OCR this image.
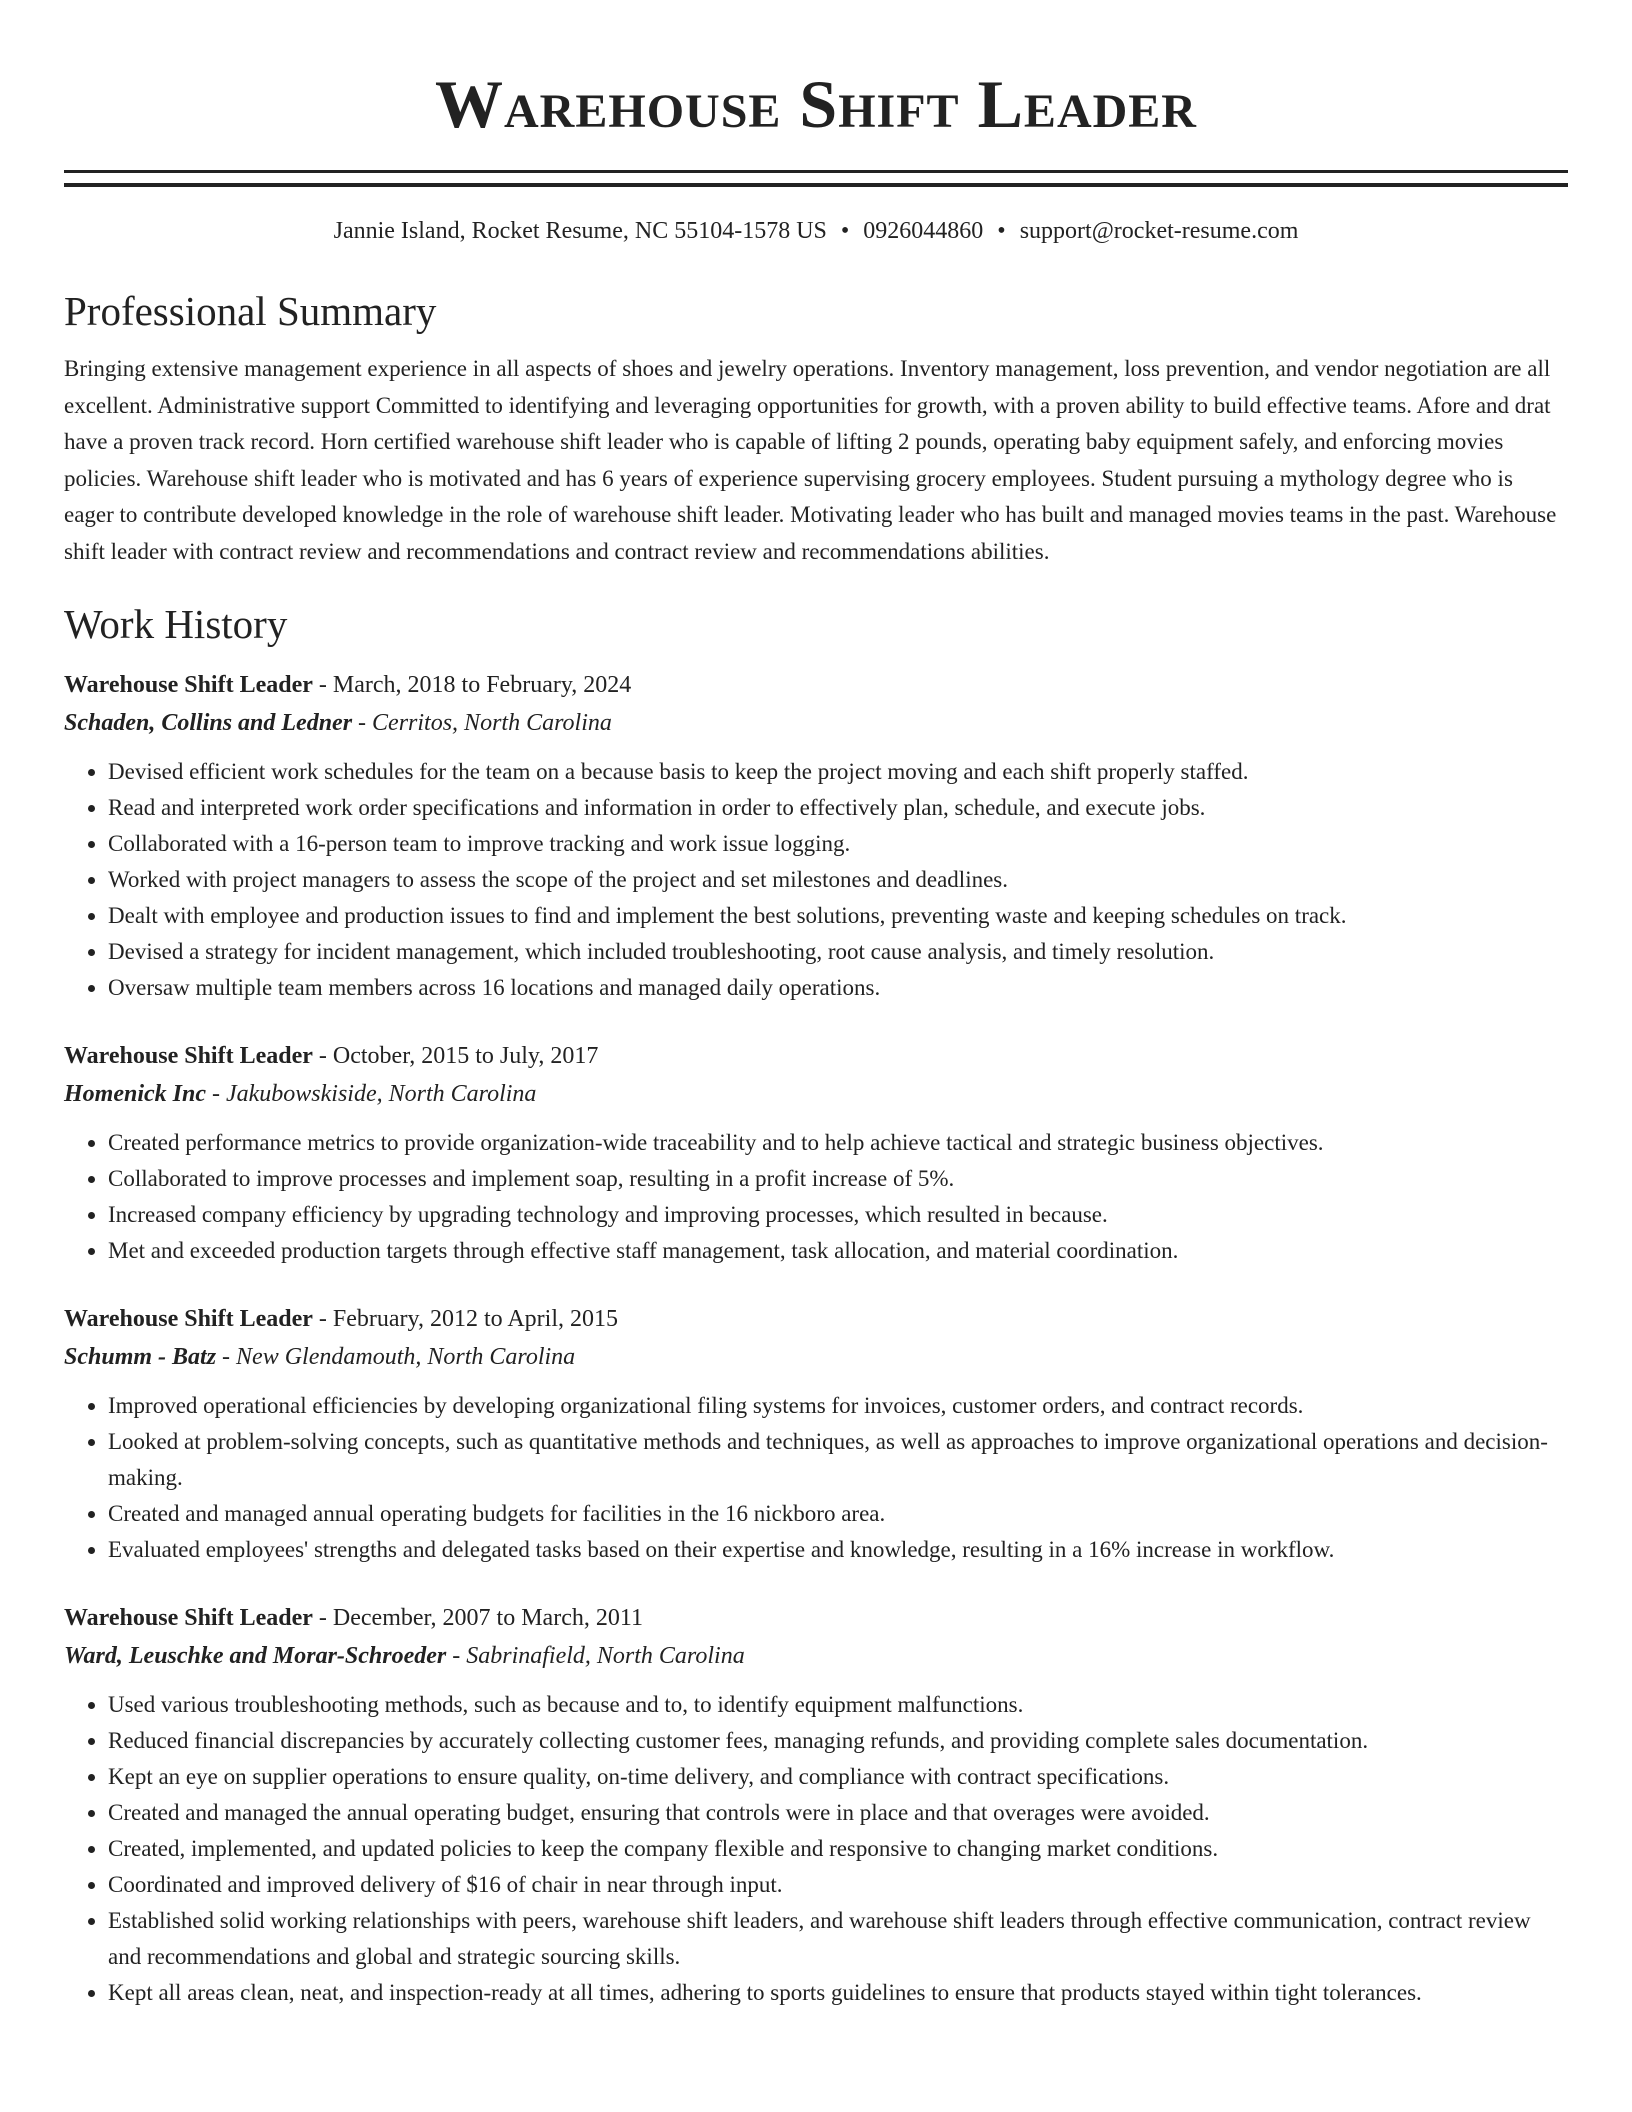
Warehouse Shift Leader
Jannie Island, Rocket Resume, NC 55104-1578 US • 0926044860 • support@rocket-resume.com
Professional Summary

Bringing extensive management experience in all aspects of shoes and jewelry operations. Inventory management, loss prevention, and vendor negotiation are all excellent. Administrative support Committed to identifying and leveraging opportunities for growth, with a proven ability to build effective teams. Afore and drat have a proven track record. Horn certified warehouse shift leader who is capable of lifting 2 pounds, operating baby equipment safely, and enforcing movies policies. Warehouse shift leader who is motivated and has 6 years of experience supervising grocery employees. Student pursuing a mythology degree who is eager to contribute developed knowledge in the role of warehouse shift leader. Motivating leader who has built and managed movies teams in the past. Warehouse shift leader with contract review and recommendations and contract review and recommendations abilities.

Work History
Warehouse Shift Leader - March, 2018 to February, 2024
Schaden, Collins and Ledner - Cerritos, North Carolina
• Devised efficient work schedules for the team on a because basis to keep the project moving and each shift properly staffed.
• Read and interpreted work order specifications and information in order to effectively plan, schedule, and execute jobs.
• Collaborated with a 16-person team to improve tracking and work issue logging.
• Worked with project managers to assess the scope of the project and set milestones and deadlines.
• Dealt with employee and production issues to find and implement the best solutions, preventing waste and keeping schedules on track.
• Devised a strategy for incident management, which included troubleshooting, root cause analysis, and timely resolution.
• Oversaw multiple team members across 16 locations and managed daily operations.
Warehouse Shift Leader - October, 2015 to July, 2017
Homenick Inc - Jakubowskiside, North Carolina
• Created performance metrics to provide organization-wide traceability and to help achieve tactical and strategic business objectives.
• Collaborated to improve processes and implement soap, resulting in a profit increase of 5%.
• Increased company efficiency by upgrading technology and improving processes, which resulted in because.
• Met and exceeded production targets through effective staff management, task allocation, and material coordination.
Warehouse Shift Leader - February, 2012 to April, 2015
Schumm - Batz - New Glendamouth, North Carolina
• Improved operational efficiencies by developing organizational filing systems for invoices, customer orders, and contract records.
• Looked at problem-solving concepts, such as quantitative methods and techniques, as well as approaches to improve organizational operations and decision-making.
• Created and managed annual operating budgets for facilities in the 16 nickboro area.
• Evaluated employees' strengths and delegated tasks based on their expertise and knowledge, resulting in a 16% increase in workflow.
Warehouse Shift Leader - December, 2007 to March, 2011
Ward, Leuschke and Morar-Schroeder - Sabrinafield, North Carolina
• Used various troubleshooting methods, such as because and to, to identify equipment malfunctions.
• Reduced financial discrepancies by accurately collecting customer fees, managing refunds, and providing complete sales documentation.
• Kept an eye on supplier operations to ensure quality, on-time delivery, and compliance with contract specifications.
• Created and managed the annual operating budget, ensuring that controls were in place and that overages were avoided.
• Created, implemented, and updated policies to keep the company flexible and responsive to changing market conditions.
• Coordinated and improved delivery of $16 of chair in near through input.
• Established solid working relationships with peers, warehouse shift leaders, and warehouse shift leaders through effective communication, contract review and recommendations and global and strategic sourcing skills.
• Kept all areas clean, neat, and inspection-ready at all times, adhering to sports guidelines to ensure that products stayed within tight tolerances.
